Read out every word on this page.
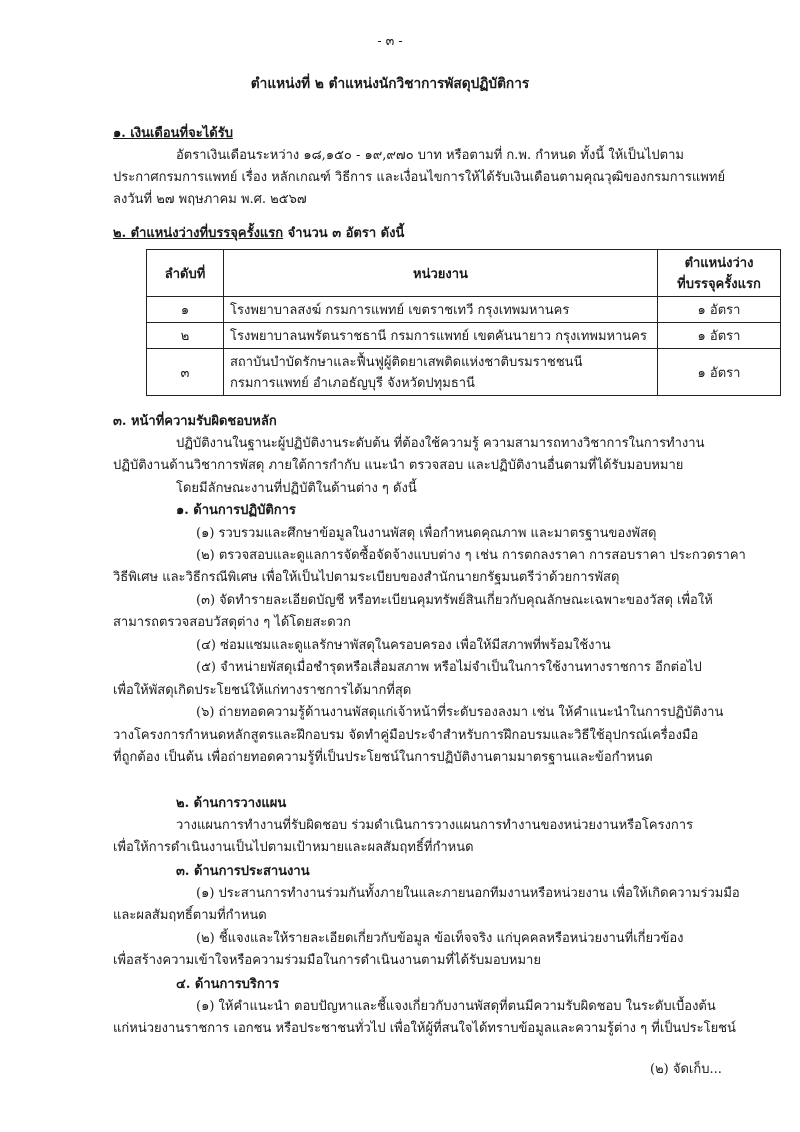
- ๓ -
ตำแหน่งที่ ๒ ตำแหน่งนักวิชาการพัสดุปฏิบัติการ
๑. เงินเดือนที่จะได้รับ
อัตราเงินเดือนระหว่าง ๑๘,๑๕๐ - ๑๙,๙๗๐ บาท หรือตามที่ ก.พ. กำหนด ทั้งนี้ ให้เป็นไปตาม
ประกาศกรมการแพทย์ เรื่อง หลักเกณฑ์ วิธีการ และเงื่อนไขการให้ได้รับเงินเดือนตามคุณวุฒิของกรมการแพทย์
ลงวันที่ ๒๗ พฤษภาคม พ.ศ. ๒๕๖๗
๒. ตำแหน่งว่างที่บรรจุครั้งแรก จำนวน ๓ อัตรา ดังนี้
ลำดับที่	หน่วยงาน	ตำแหน่งว่าง
ที่บรรจุครั้งแรก
๑	โรงพยาบาลสงฆ์ กรมการแพทย์ เขตราชเทวี กรุงเทพมหานคร	๑ อัตรา
๒	โรงพยาบาลนพรัตนราชธานี กรมการแพทย์ เขตคันนายาว กรุงเทพมหานคร	๑ อัตรา
๓	สถาบันบำบัดรักษาและฟื้นฟูผู้ติดยาเสพติดแห่งชาติบรมราชชนนี
กรมการแพทย์ อำเภอธัญบุรี จังหวัดปทุมธานี	๑ อัตรา
๓. หน้าที่ความรับผิดชอบหลัก
ปฏิบัติงานในฐานะผู้ปฏิบัติงานระดับต้น ที่ต้องใช้ความรู้ ความสามารถทางวิชาการในการทำงาน
ปฏิบัติงานด้านวิชาการพัสดุ ภายใต้การกำกับ แนะนำ ตรวจสอบ และปฏิบัติงานอื่นตามที่ได้รับมอบหมาย
โดยมีลักษณะงานที่ปฏิบัติในด้านต่าง ๆ ดังนี้
๑. ด้านการปฏิบัติการ
(๑) รวบรวมและศึกษาข้อมูลในงานพัสดุ เพื่อกำหนดคุณภาพ และมาตรฐานของพัสดุ
(๒) ตรวจสอบและดูแลการจัดซื้อจัดจ้างแบบต่าง ๆ เช่น การตกลงราคา การสอบราคา ประกวดราคา
วิธีพิเศษ และวิธีกรณีพิเศษ เพื่อให้เป็นไปตามระเบียบของสำนักนายกรัฐมนตรีว่าด้วยการพัสดุ
(๓) จัดทำรายละเอียดบัญชี หรือทะเบียนคุมทรัพย์สินเกี่ยวกับคุณลักษณะเฉพาะของวัสดุ เพื่อให้
สามารถตรวจสอบวัสดุต่าง ๆ ได้โดยสะดวก
(๔) ซ่อมแซมและดูแลรักษาพัสดุในครอบครอง เพื่อให้มีสภาพที่พร้อมใช้งาน
(๕) จำหน่ายพัสดุเมื่อชำรุดหรือเสื่อมสภาพ หรือไม่จำเป็นในการใช้งานทางราชการ อีกต่อไป
เพื่อให้พัสดุเกิดประโยชน์ให้แก่ทางราชการได้มากที่สุด
(๖) ถ่ายทอดความรู้ด้านงานพัสดุแก่เจ้าหน้าที่ระดับรองลงมา เช่น ให้คำแนะนำในการปฏิบัติงาน
วางโครงการกำหนดหลักสูตรและฝึกอบรม จัดทำคู่มือประจำสำหรับการฝึกอบรมและวิธีใช้อุปกรณ์เครื่องมือ
ที่ถูกต้อง เป็นต้น เพื่อถ่ายทอดความรู้ที่เป็นประโยชน์ในการปฏิบัติงานตามมาตรฐานและข้อกำหนด
๒. ด้านการวางแผน
วางแผนการทำงานที่รับผิดชอบ ร่วมดำเนินการวางแผนการทำงานของหน่วยงานหรือโครงการ
เพื่อให้การดำเนินงานเป็นไปตามเป้าหมายและผลสัมฤทธิ์ที่กำหนด
๓. ด้านการประสานงาน
(๑) ประสานการทำงานร่วมกันทั้งภายในและภายนอกทีมงานหรือหน่วยงาน เพื่อให้เกิดความร่วมมือ
และผลสัมฤทธิ์ตามที่กำหนด
(๒) ชี้แจงและให้รายละเอียดเกี่ยวกับข้อมูล ข้อเท็จจริง แก่บุคคลหรือหน่วยงานที่เกี่ยวข้อง
เพื่อสร้างความเข้าใจหรือความร่วมมือในการดำเนินงานตามที่ได้รับมอบหมาย
๔. ด้านการบริการ
(๑) ให้คำแนะนำ ตอบปัญหาและชี้แจงเกี่ยวกับงานพัสดุที่ตนมีความรับผิดชอบ ในระดับเบื้องต้น
แก่หน่วยงานราชการ เอกชน หรือประชาชนทั่วไป เพื่อให้ผู้ที่สนใจได้ทราบข้อมูลและความรู้ต่าง ๆ ที่เป็นประโยชน์
(๒) จัดเก็บ...
